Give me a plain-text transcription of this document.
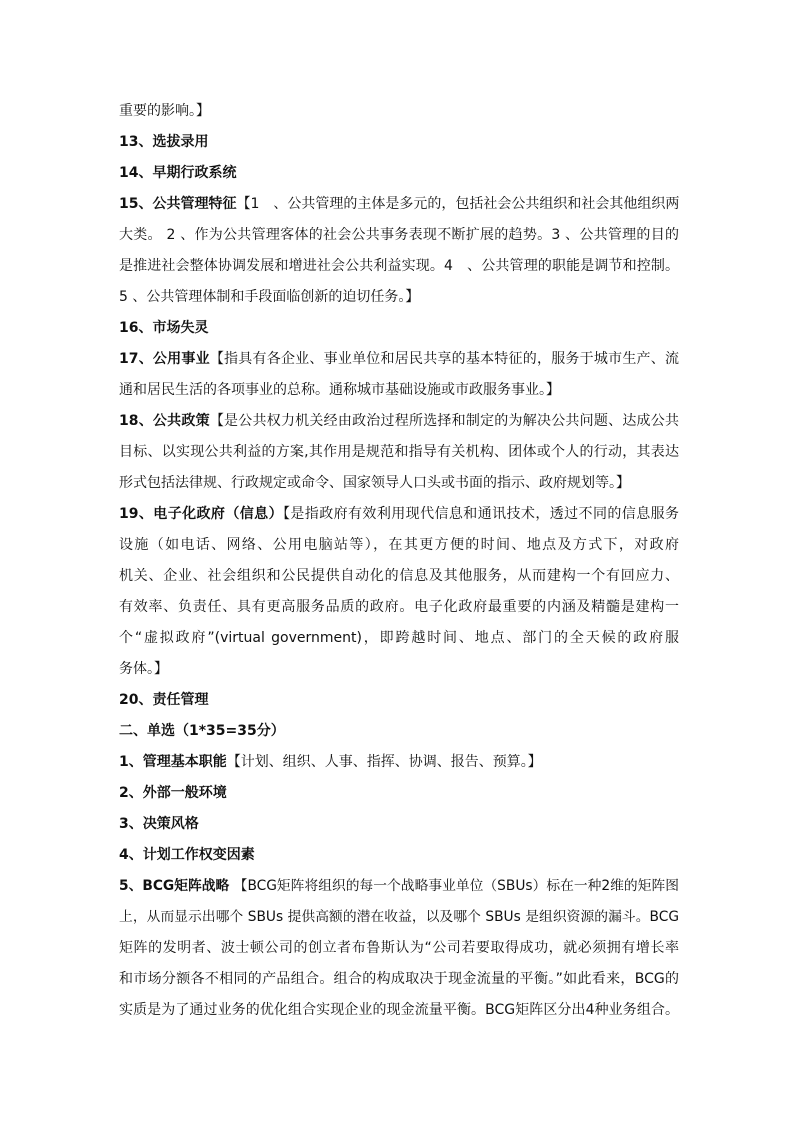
重要的影响。】
13、选拔录用
14、早期行政系统
15、公共管理特征【1　、公共管理的主体是多元的，包括社会公共组织和社会其他组织两
大类。 2 、作为公共管理客体的社会公共事务表现不断扩展的趋势。3 、公共管理的目的
是推进社会整体协调发展和增进社会公共利益实现。4　、公共管理的职能是调节和控制。
5 、公共管理体制和手段面临创新的迫切任务。】
16、市场失灵
17、公用事业【指具有各企业、事业单位和居民共享的基本特征的，服务于城市生产、流
通和居民生活的各项事业的总称。通称城市基础设施或市政服务事业。】
18、公共政策【是公共权力机关经由政治过程所选择和制定的为解决公共问题、达成公共
目标、以实现公共利益的方案,其作用是规范和指导有关机构、团体或个人的行动，其表达
形式包括法律规、行政规定或命令、国家领导人口头或书面的指示、政府规划等。】
19、电子化政府（信息）【是指政府有效利用现代信息和通讯技术，透过不同的信息服务
设施（如电话、网络、公用电脑站等），在其更方便的时间、地点及方式下，对政府
机关、企业、社会组织和公民提供自动化的信息及其他服务，从而建构一个有回应力、
有效率、负责任、具有更高服务品质的政府。电子化政府最重要的内涵及精髓是建构一
个“虚拟政府”(virtual government)，即跨越时间、地点、部门的全天候的政府服
务体。】
20、责任管理
二、单选（1*35=35分）
1、管理基本职能【计划、组织、人事、指挥、协调、报告、预算。】
2、外部一般环境
3、决策风格
4、计划工作权变因素
5、BCG矩阵战略 【BCG矩阵将组织的每一个战略事业单位（SBUs）标在一种2维的矩阵图
上，从而显示出哪个 SBUs 提供高额的潜在收益，以及哪个 SBUs 是组织资源的漏斗。BCG
矩阵的发明者、波士顿公司的创立者布鲁斯认为“公司若要取得成功，就必须拥有增长率
和市场分额各不相同的产品组合。组合的构成取决于现金流量的平衡。”如此看来，BCG的
实质是为了通过业务的优化组合实现企业的现金流量平衡。BCG矩阵区分出4种业务组合。
